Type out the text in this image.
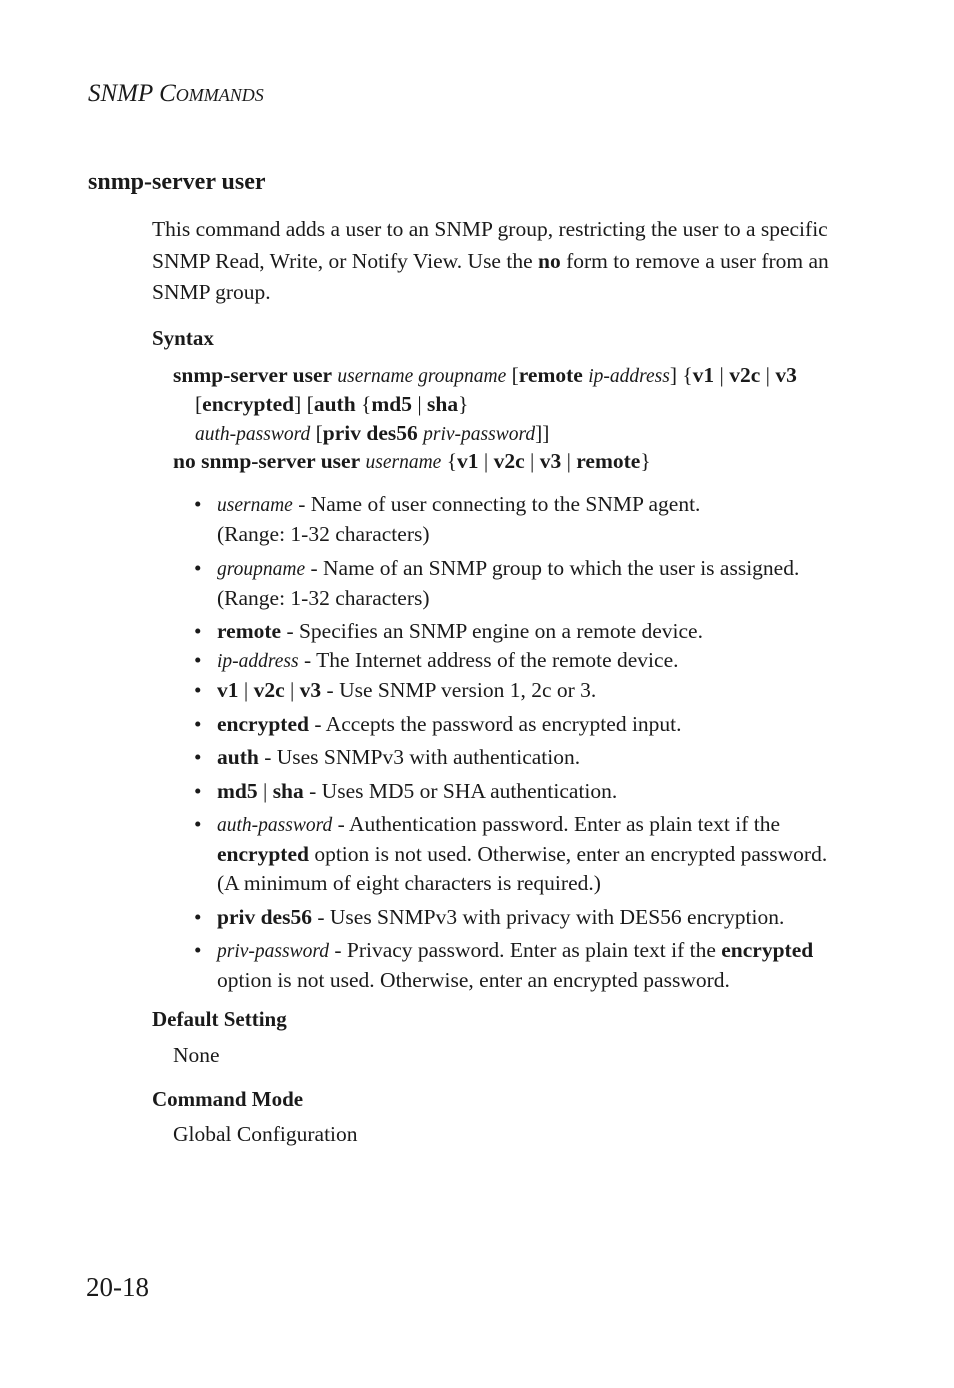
SNMP COMMANDS
snmp-server user
This command adds a user to an SNMP group, restricting the user to a specific SNMP Read, Write, or Notify View. Use the no form to remove a user from an SNMP group.
Syntax
snmp-server user username groupname [remote ip-address] {v1 | v2c | v3
[encrypted] [auth {md5 | sha}
auth-password [priv des56 priv-password]]
no snmp-server user username {v1 | v2c | v3 | remote}
• username - Name of user connecting to the SNMP agent.
(Range: 1-32 characters)
• groupname - Name of an SNMP group to which the user is assigned.
(Range: 1-32 characters)
• remote - Specifies an SNMP engine on a remote device.
• ip-address - The Internet address of the remote device.
• v1 | v2c | v3 - Use SNMP version 1, 2c or 3.
• encrypted - Accepts the password as encrypted input.
• auth - Uses SNMPv3 with authentication.
• md5 | sha - Uses MD5 or SHA authentication.
• auth-password - Authentication password. Enter as plain text if the
encrypted option is not used. Otherwise, enter an encrypted password. (A minimum of eight characters is required.)
• priv des56 - Uses SNMPv3 with privacy with DES56 encryption.
• priv-password - Privacy password. Enter as plain text if the encrypted
option is not used. Otherwise, enter an encrypted password.
Default Setting
None
Command Mode
Global Configuration
20-18
